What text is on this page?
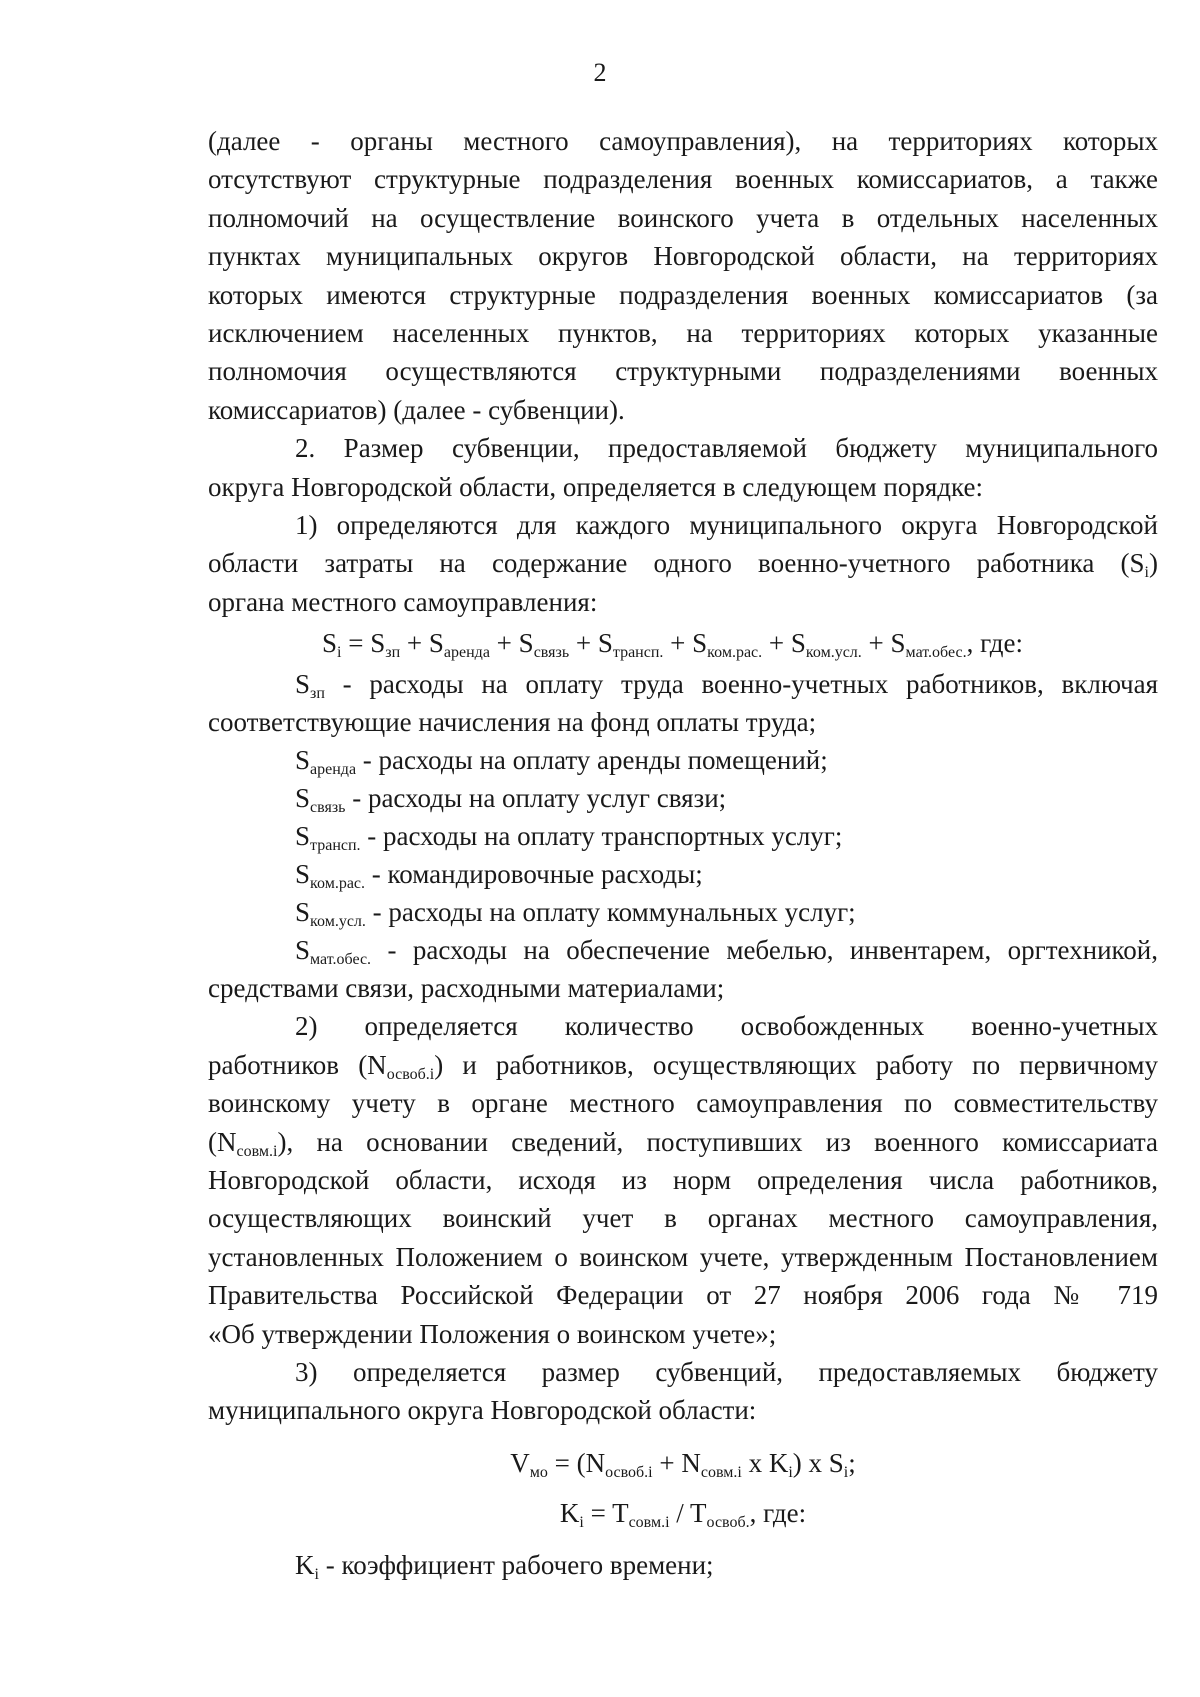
2

(далее - органы местного самоуправления), на территориях которых

отсутствуют структурные подразделения военных комиссариатов, а также

полномочий на осуществление воинского учета в отдельных населенных

пунктах муниципальных округов Новгородской области, на территориях

которых имеются структурные подразделения военных комиссариатов (за

исключением населенных пунктов, на территориях которых указанные

полномочия осуществляются структурными подразделениями военных

комиссариатов) (далее - субвенции).

2. Размер субвенции, предоставляемой бюджету муниципального

округа Новгородской области, определяется в следующем порядке:

1) определяются для каждого муниципального округа Новгородской

области затраты на содержание одного военно-учетного работника $(S_i)$

органа местного самоуправления:

$S_i = S_{зп} + S_{аренда} + S_{связь} + S_{трансп.} + S_{ком.рас.} + S_{ком.усл.} + S_{мат.обес.}$, где:

$S_{зп}$ - расходы на оплату труда военно-учетных работников, включая

соответствующие начисления на фонд оплаты труда;

$S_{аренда}$ - расходы на оплату аренды помещений;

$S_{связь}$ - расходы на оплату услуг связи;

$S_{трансп.}$ - расходы на оплату транспортных услуг;

$S_{ком.рас.}$ - командировочные расходы;

$S_{ком.усл.}$ - расходы на оплату коммунальных услуг;

$S_{мат.обес.}$ - расходы на обеспечение мебелью, инвентарем, оргтехникой,

средствами связи, расходными материалами;

2) определяется количество освобожденных военно-учетных

работников $(N_{освоб.i})$ и работников, осуществляющих работу по первичному

воинскому учету в органе местного самоуправления по совместительству

$(N_{совм.i})$, на основании сведений, поступивших из военного комиссариата

Новгородской области, исходя из норм определения числа работников,

осуществляющих воинский учет в органах местного самоуправления,

установленных Положением о воинском учете, утвержденным Постановлением

Правительства Российской Федерации от 27 ноября 2006 года № 719

«Об утверждении Положения о воинском учете»;

3) определяется размер субвенций, предоставляемых бюджету

муниципального округа Новгородской области:

$V_{мо} = (N_{освоб.i} + N_{совм.i}$ x $K_i$) x $S_i$;

$K_i = T_{совм.i} / T_{освоб.}$, где:

$K_i$ - коэффициент рабочего времени;
